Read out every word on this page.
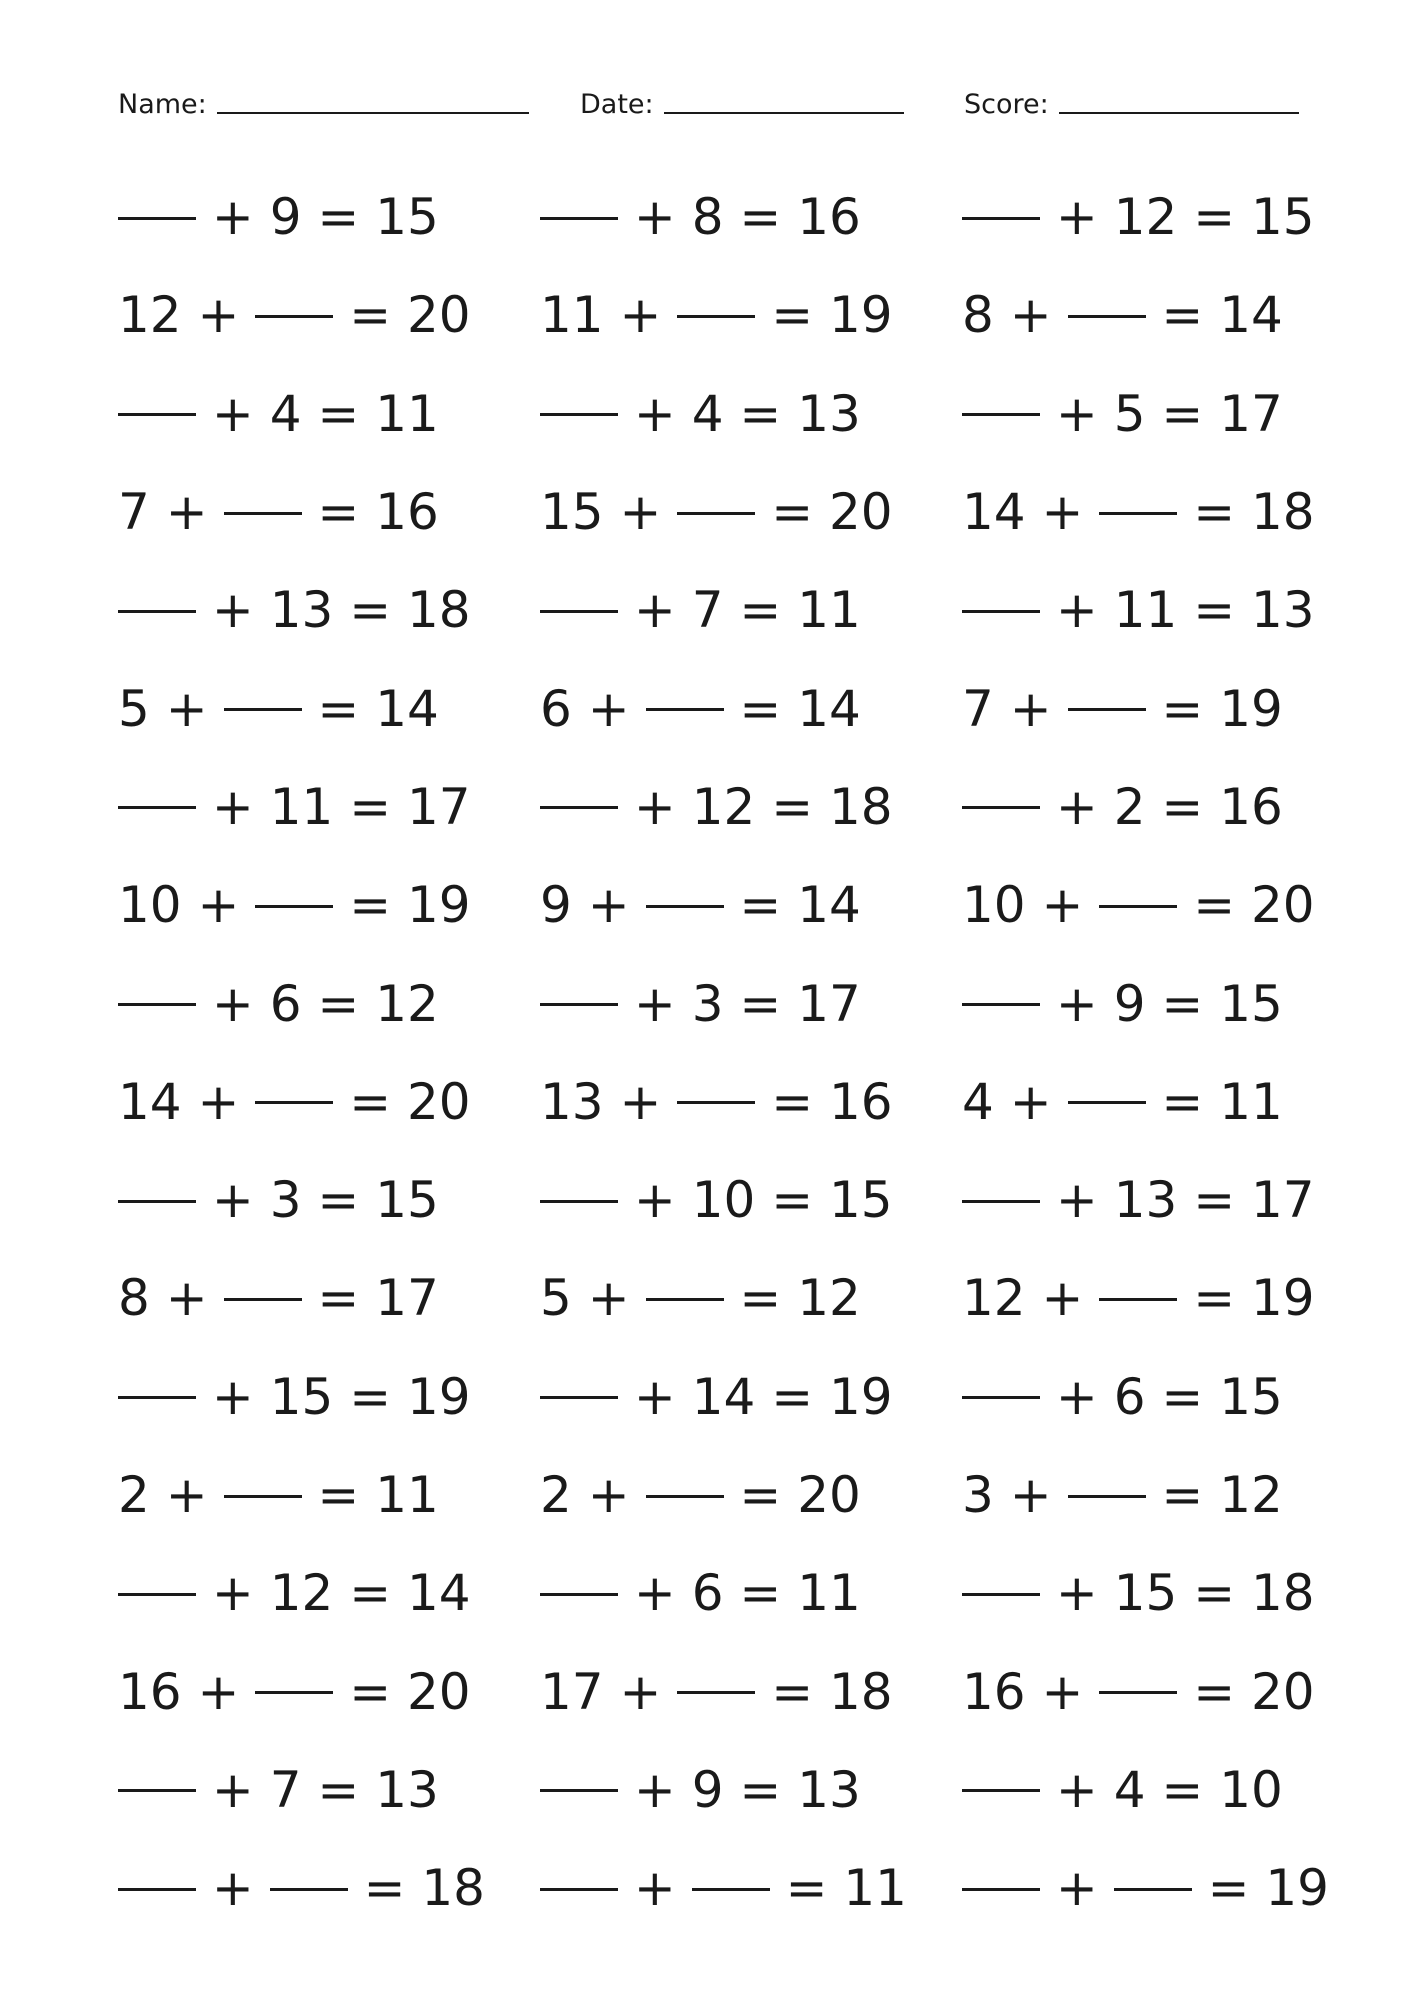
Name:	Date:	Score:
+ 9 = 15
12 + = 20
+ 4 = 11
7 + = 16
+ 13 = 18
5 + = 14
+ 11 = 17
10 + = 19
+ 6 = 12
14 + = 20
+ 3 = 15
8 + = 17
+ 15 = 19
2 + = 11
+ 12 = 14
16 + = 20
+ 7 = 13
+ = 18
+ 8 = 16
11 + = 19
+ 4 = 13
15 + = 20
+ 7 = 11
6 + = 14
+ 12 = 18
9 + = 14
+ 3 = 17
13 + = 16
+ 10 = 15
5 + = 12
+ 14 = 19
2 + = 20
+ 6 = 11
17 + = 18
+ 9 = 13
+ = 11
+ 12 = 15
8 + = 14
+ 5 = 17
14 + = 18
+ 11 = 13
7 + = 19
+ 2 = 16
10 + = 20
+ 9 = 15
4 + = 11
+ 13 = 17
12 + = 19
+ 6 = 15
3 + = 12
+ 15 = 18
16 + = 20
+ 4 = 10
+ = 19
